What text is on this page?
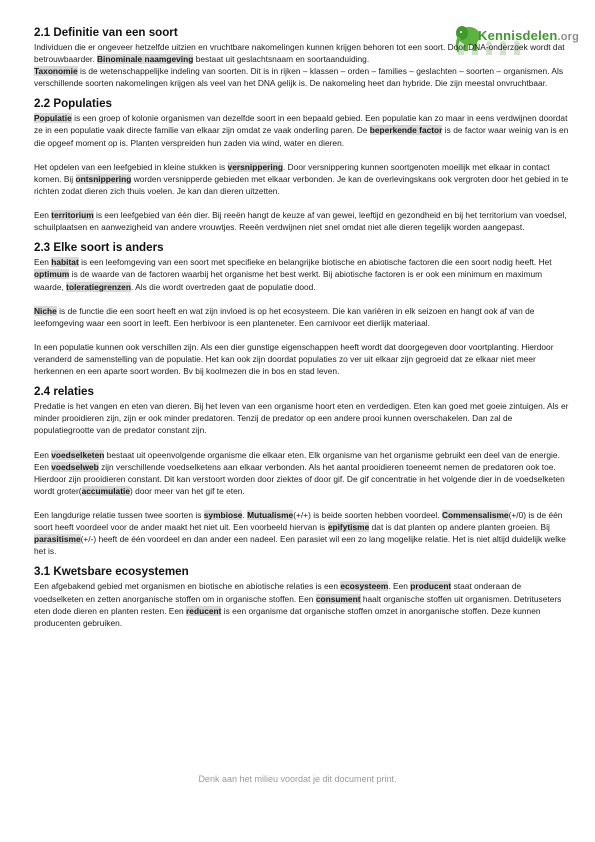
Kennisdelen.org
2.1 Definitie van een soort

Individuen die er ongeveer hetzelfde uitzien en vruchtbare nakomelingen kunnen krijgen behoren tot een soort. Door DNA-onderzoek wordt dat betrouwbaarder. Binominale naamgeving bestaat uit geslachtsnaam en soortaanduiding.

Taxonomie is de wetenschappelijke indeling van soorten. Dit is in rijken – klassen – orden – families – geslachten – soorten – organismen. Als verschillende soorten nakomelingen krijgen als veel van het DNA gelijk is. De nakomeling heet dan hybride. Die zijn meestal onvruchtbaar.

2.2 Populaties

Populatie is een groep of kolonie organismen van dezelfde soort in een bepaald gebied. Een populatie kan zo maar in eens verdwijnen doordat ze in een populatie vaak directe familie van elkaar zijn omdat ze vaak onderling paren. De beperkende factor is de factor waar weinig van is en die opgeef moment op is. Planten verspreiden hun zaden via wind, water en dieren.

Het opdelen van een leefgebied in kleine stukken is versnippering. Door versnippering kunnen soortgenoten moeilijk met elkaar in contact komen. Bij ontsnippering worden versnipperde gebieden met elkaar verbonden. Je kan de overlevingskans ook vergroten door het gebied in te richten zodat dieren zich thuis voelen. Je kan dan dieren uitzetten.

Een territorium is een leefgebied van één dier. Bij reeën hangt de keuze af van gewei, leeftijd en gezondheid en bij het territorium van voedsel, schuilplaatsen en aanwezigheid van andere vrouwtjes. Reeën verdwijnen niet snel omdat niet alle dieren tegelijk worden aangepast.

2.3 Elke soort is anders

Een habitat is een leefomgeving van een soort met specifieke en belangrijke biotische en abiotische factoren die een soort nodig heeft. Het optimum is de waarde van de factoren waarbij het organisme het best werkt. Bij abiotische factoren is er ook een minimum en maximum waarde, toleratiegrenzen. Als die wordt overtreden gaat de populatie dood.

Niche is de functie die een soort heeft en wat zijn invloed is op het ecosysteem. Die kan variëren in elk seizoen en hangt ook af van de leefomgeving waar een soort in leeft. Een herbivoor is een planteneter. Een carnivoor eet dierlijk materiaal.

In een populatie kunnen ook verschillen zijn. Als een dier gunstige eigenschappen heeft wordt dat doorgegeven door voortplanting. Hierdoor veranderd de samenstelling van de populatie. Het kan ook zijn doordat populaties zo ver uit elkaar zijn gegroeid dat ze elkaar niet meer herkennen en een aparte soort worden. Bv bij koolmezen die in bos en stad leven.

2.4 relaties

Predatie is het vangen en eten van dieren. Bij het leven van een organisme hoort eten en verdedigen. Eten kan goed met goeie zintuigen. Als er minder prooidieren zijn, zijn er ook minder predatoren. Tenzij de predator op een andere prooi kunnen overschakelen. Dan zal de populatiegrootte van de predator constant zijn.

Een voedselketen bestaat uit opeenvolgende organisme die elkaar eten. Elk organisme van het organisme gebruikt een deel van de energie. Een voedselweb zijn verschillende voedselketens aan elkaar verbonden. Als het aantal prooidieren toeneemt nemen de predatoren ook toe. Hierdoor zijn prooidieren constant. Dit kan verstoort worden door ziektes of door gif. De gif concentratie in het volgende dier in de voedselketen wordt groter(accumulatie) door meer van het gif te eten.

Een langdurige relatie tussen twee soorten is symbiose. Mutualisme(+/+) is beide soorten hebben voordeel. Commensalisme(+/0) is de één soort heeft voordeel voor de ander maakt het niet uit. Een voorbeeld hiervan is epifytisme dat is dat planten op andere planten groeien. Bij parasitisme(+/-) heeft de één voordeel en dan ander een nadeel. Een parasiet wil een zo lang mogelijke relatie. Het is niet altijd duidelijk welke het is.

3.1 Kwetsbare ecosystemen

Een afgebakend gebied met organismen en biotische en abiotische relaties is een ecosysteem. Een producent staat onderaan de voedselketen en zetten anorganische stoffen om in organische stoffen. Een consument haalt organische stoffen uit organismen. Detritusetеrs eten dode dieren en planten resten. Een reducent is een organisme dat organische stoffen omzet in anorganische stoffen. Deze kunnen producenten gebruiken.

Denk aan het milieu voordat je dit document print.
